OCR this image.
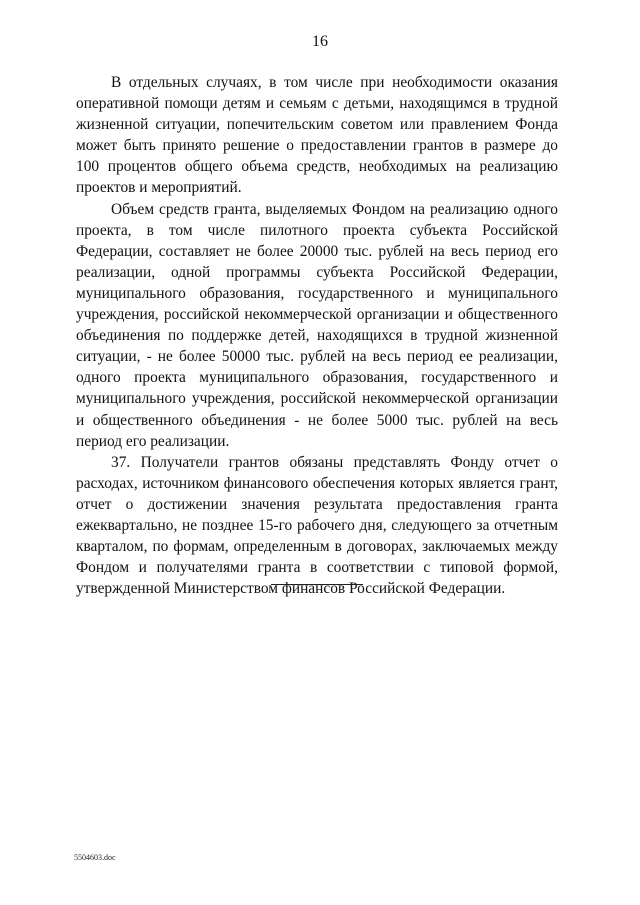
16

В отдельных случаях, в том числе при необходимости оказания оперативной помощи детям и семьям с детьми, находящимся в трудной жизненной ситуации, попечительским советом или правлением Фонда может быть принято решение о предоставлении грантов в размере до 100 процентов общего объема средств, необходимых на реализацию проектов и мероприятий.

Объем средств гранта, выделяемых Фондом на реализацию одного проекта, в том числе пилотного проекта субъекта Российской Федерации, составляет не более 20000 тыс. рублей на весь период его реализации, одной программы субъекта Российской Федерации, муниципального образования, государственного и муниципального учреждения, российской некоммерческой организации и общественного объединения по поддержке детей, находящихся в трудной жизненной ситуации, - не более 50000 тыс. рублей на весь период ее реализации, одного проекта муниципального образования, государственного и муниципального учреждения, российской некоммерческой организации и общественного объединения - не более 5000 тыс. рублей на весь период его реализации.

37. Получатели грантов обязаны представлять Фонду отчет о расходах, источником финансового обеспечения которых является грант, отчет о достижении значения результата предоставления гранта ежеквартально, не позднее 15-го рабочего дня, следующего за отчетным кварталом, по формам, определенным в договорах, заключаемых между Фондом и получателями гранта в соответствии с типовой формой, утвержденной Министерством финансов Российской Федерации.

5504603.doc
